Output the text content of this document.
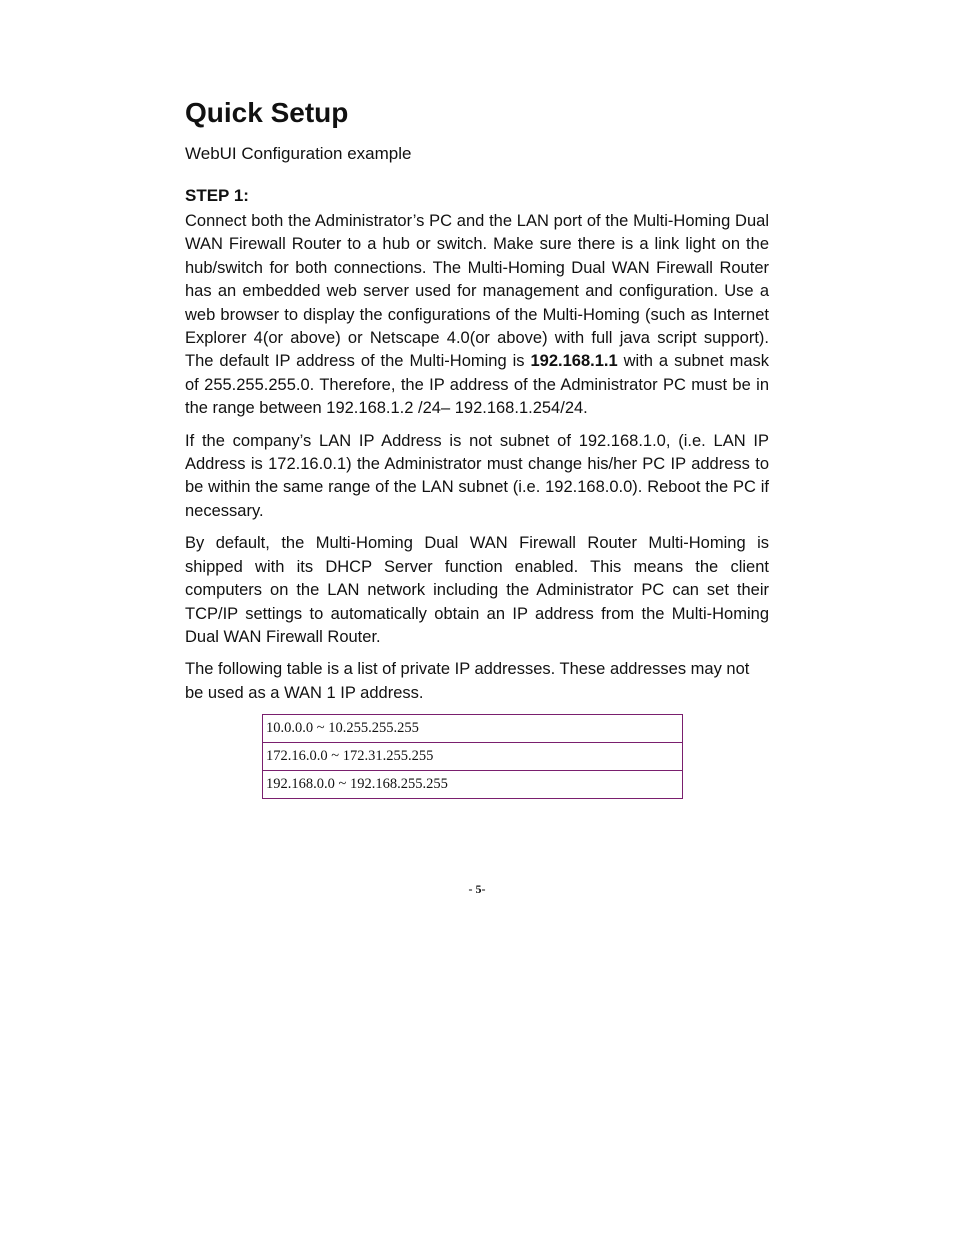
Quick Setup

WebUI Configuration example

STEP 1:

Connect both the Administrator’s PC and the LAN port of the Multi-Homing Dual WAN Firewall Router to a hub or switch. Make sure there is a link light on the hub/switch for both connections. The Multi-Homing Dual WAN Firewall Router has an embedded web server used for management and configuration. Use a web browser to display the configurations of the Multi-Homing (such as Internet Explorer 4(or above) or Netscape 4.0(or above) with full java script support). The default IP address of the Multi-Homing is 192.168.1.1 with a subnet mask of 255.255.255.0. Therefore, the IP address of the Administrator PC must be in the range between 192.168.1.2 /24– 192.168.1.254/24.

If the company’s LAN IP Address is not subnet of 192.168.1.0, (i.e. LAN IP Address is 172.16.0.1) the Administrator must change his/her PC IP address to be within the same range of the LAN subnet (i.e. 192.168.0.0). Reboot the PC if necessary.

By default, the Multi-Homing Dual WAN Firewall Router Multi-Homing is shipped with its DHCP Server function enabled. This means the client computers on the LAN network including the Administrator PC can set their TCP/IP settings to automatically obtain an IP address from the Multi-Homing Dual WAN Firewall Router.

The following table is a list of private IP addresses. These addresses may not be used as a WAN 1 IP address.

10.0.0.0 ~ 10.255.255.255
172.16.0.0 ~ 172.31.255.255
192.168.0.0 ~ 192.168.255.255
- 5-
